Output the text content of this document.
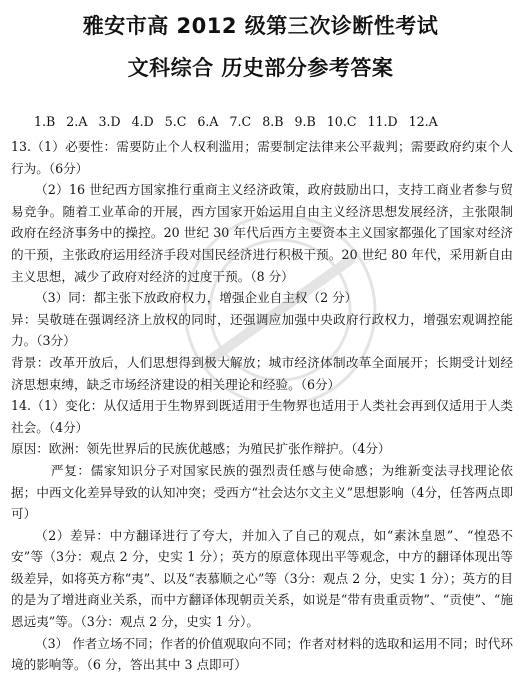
雅安市高 2012 级第三次诊断性考试
文科综合 历史部分参考答案
1.B 2.A 3.D 4.D 5.C 6.A 7.C 8.B 9.B 10.C 11.D 12.A

13.（1）必要性：需要防止个人权利滥用；需要制定法律来公平裁判；需要政府约束个人行为。（6分）

（2）16 世纪西方国家推行重商主义经济政策，政府鼓励出口，支持工商业者参与贸易竞争。随着工业革命的开展，西方国家开始运用自由主义经济思想发展经济，主张限制政府在经济事务中的操控。20 世纪 30 年代后西方主要资本主义国家都强化了国家对经济的干预，主张政府运用经济手段对国民经济进行积极干预。20 世纪 80 年代，采用新自由主义思想，减少了政府对经济的过度干预。（8 分）

（3）同：都主张下放政府权力，增强企业自主权（2 分）

异：吴敬琏在强调经济上放权的同时，还强调应加强中央政府行政权力，增强宏观调控能力。（3分）

背景：改革开放后，人们思想得到极大解放；城市经济体制改革全面展开；长期受计划经济思想束缚，缺乏市场经济建设的相关理论和经验。（6分）

14.（1）变化：从仅适用于生物界到既适用于生物界也适用于人类社会再到仅适用于人类社会。（4分）

原因：欧洲：领先世界后的民族优越感；为殖民扩张作辩护。（4分）

严复：儒家知识分子对国家民族的强烈责任感与使命感；为维新变法寻找理论依据；中西文化差异导致的认知冲突；受西方“社会达尔文主义”思想影响（4分，任答两点即可）

（2）差异：中方翻译进行了夸大，并加入了自己的观点，如“素沐皇恩”、“惶恐不安”等（3分：观点 2 分，史实 1 分）；英方的原意体现出平等观念，中方的翻译体现出等级差异，如将英方称“夷”、以及“表慕顺之心”等（3分：观点 2 分，史实 1 分）；英方的目的是为了增进商业关系，而中方翻译体现朝贡关系，如说是“带有贵重贡物”、“贡使”、“施恩远夷”等。（3分：观点 2 分，史实 1 分）。

（3） 作者立场不同；作者的价值观取向不同；作者对材料的选取和运用不同；时代环境的影响等。（6 分，答出其中 3 点即可）
